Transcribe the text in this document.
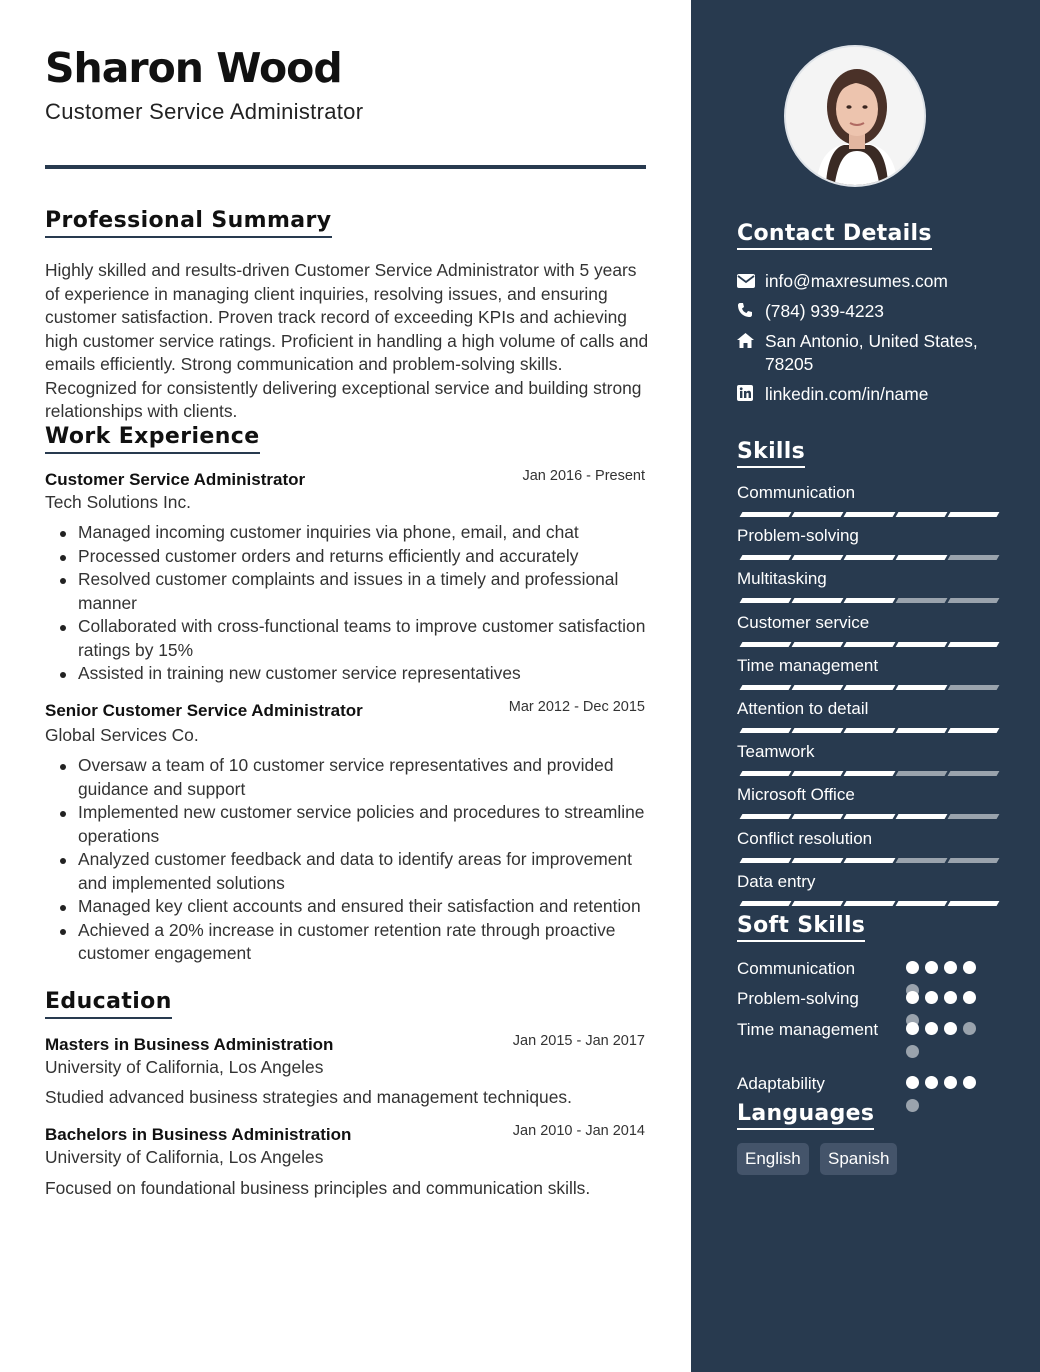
Sharon Wood
Customer Service Administrator
Professional Summary
Highly skilled and results-driven Customer Service Administrator with 5 years of experience in managing client inquiries, resolving issues, and ensuring customer satisfaction. Proven track record of exceeding KPIs and achieving high customer service ratings. Proficient in handling a high volume of calls and emails efficiently. Strong communication and problem-solving skills. Recognized for consistently delivering exceptional service and building strong relationships with clients.
Work Experience
Customer Service Administrator	Jan 2016 - Present
Tech Solutions Inc.
Managed incoming customer inquiries via phone, email, and chat
Processed customer orders and returns efficiently and accurately
Resolved customer complaints and issues in a timely and professional manner
Collaborated with cross-functional teams to improve customer satisfaction ratings by 15%
Assisted in training new customer service representatives
Senior Customer Service Administrator	Mar 2012 - Dec 2015
Global Services Co.
Oversaw a team of 10 customer service representatives and provided guidance and support
Implemented new customer service policies and procedures to streamline operations
Analyzed customer feedback and data to identify areas for improvement and implemented solutions
Managed key client accounts and ensured their satisfaction and retention
Achieved a 20% increase in customer retention rate through proactive customer engagement
Education
Masters in Business Administration	Jan 2015 - Jan 2017
University of California, Los Angeles
Studied advanced business strategies and management techniques.
Bachelors in Business Administration	Jan 2010 - Jan 2014
University of California, Los Angeles
Focused on foundational business principles and communication skills.
Contact Details
info@maxresumes.com
(784) 939-4223
San Antonio, United States, 78205
linkedin.com/in/name
Skills
Communication
Problem-solving
Multitasking
Customer service
Time management
Attention to detail
Teamwork
Microsoft Office
Conflict resolution
Data entry
Soft Skills
Communication
Problem-solving
Time management
Adaptability
Languages
English	Spanish
